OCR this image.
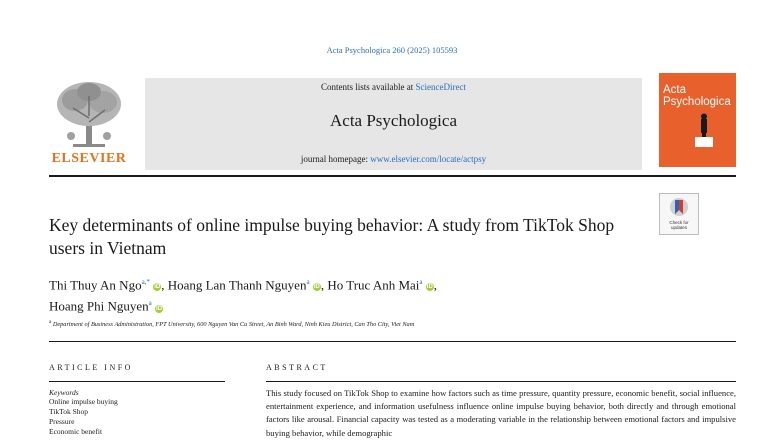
Acta Psychologica 260 (2025) 105593
ELSEVIER
Contents lists available at ScienceDirect
Acta Psychologica
journal homepage: www.elsevier.com/locate/actpsy
Acta
Psychologica
Check for updates
Key determinants of online impulse buying behavior: A study from TikTok Shop users in Vietnam
Thi Thuy An Ngo$^{a,*}$ iD, Hoang Lan Thanh Nguyen$^a$ iD, Ho Truc Anh Mai$^a$ iD,
Hoang Phi Nguyen$^a$ iD
$^a$ Department of Business Administration, FPT University, 600 Nguyen Van Cu Street, An Binh Ward, Ninh Kieu District, Can Tho City, Viet Nam
ARTICLE INFO
Keywords
Online impulse buying
TikTok Shop
Pressure
Economic benefit
ABSTRACT
This study focused on TikTok Shop to examine how factors such as time pressure, quantity pressure, economic benefit, social influence, entertainment experience, and information usefulness influence online impulse buying behavior, both directly and through emotional factors like arousal. Financial capacity was tested as a moderating variable in the relationship between emotional factors and impulsive buying behavior, while demographic
